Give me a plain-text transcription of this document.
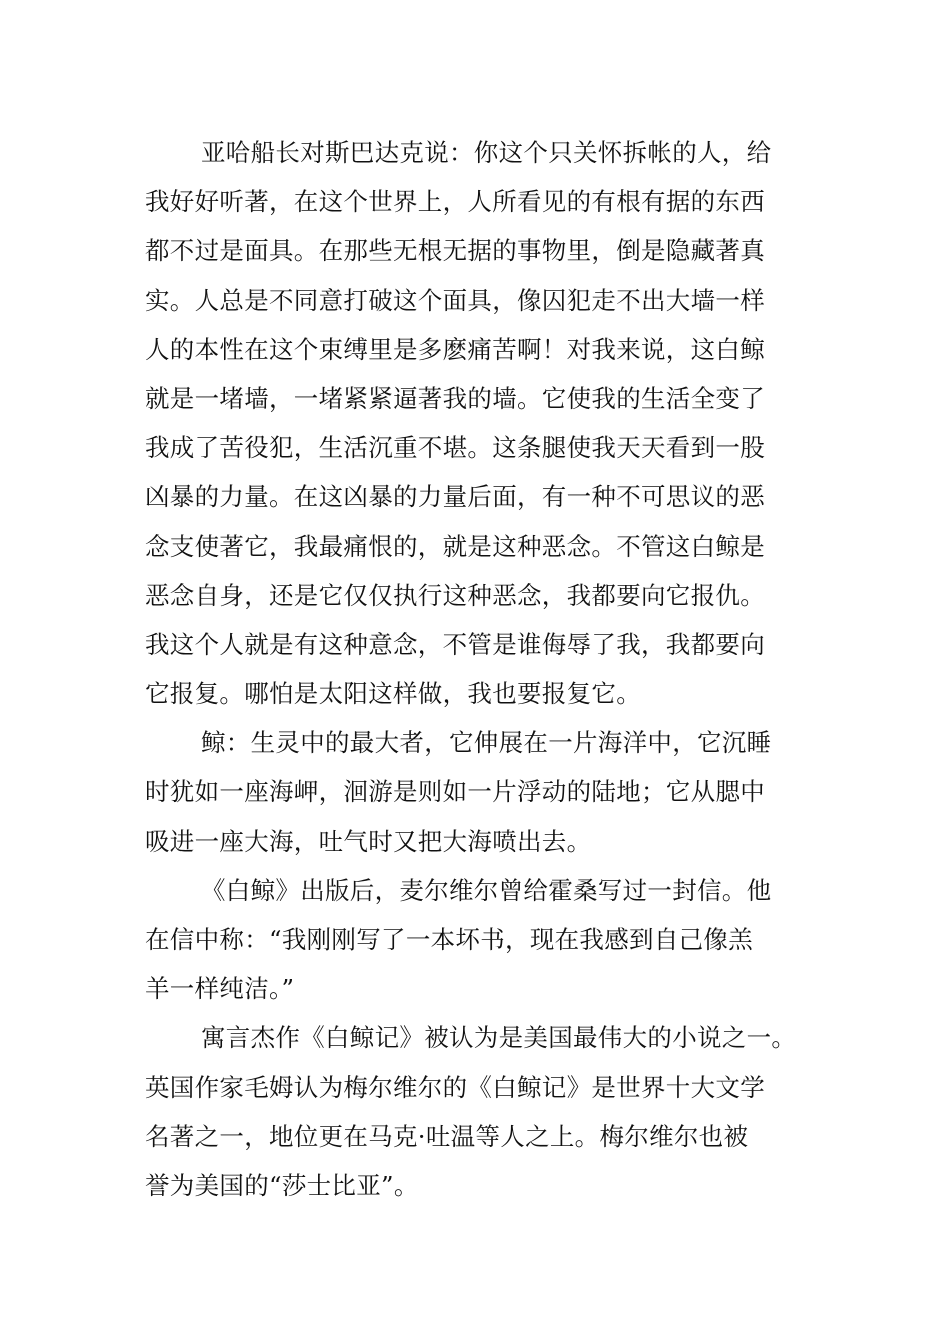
亚哈船长对斯巴达克说：你这个只关怀拆帐的人，给
我好好听著，在这个世界上，人所看见的有根有据的东西
都不过是面具。在那些无根无据的事物里，倒是隐藏著真
实。人总是不同意打破这个面具，像囚犯走不出大墙一样
人的本性在这个束缚里是多麽痛苦啊！对我来说，这白鲸
就是一堵墙，一堵紧紧逼著我的墙。它使我的生活全变了
我成了苦役犯，生活沉重不堪。这条腿使我天天看到一股
凶暴的力量。在这凶暴的力量后面，有一种不可思议的恶
念支使著它，我最痛恨的，就是这种恶念。不管这白鲸是
恶念自身，还是它仅仅执行这种恶念，我都要向它报仇。
我这个人就是有这种意念，不管是谁侮辱了我，我都要向
它报复。哪怕是太阳这样做，我也要报复它。
鲸：生灵中的最大者，它伸展在一片海洋中，它沉睡
时犹如一座海岬，洄游是则如一片浮动的陆地；它从腮中
吸进一座大海，吐气时又把大海喷出去。
《白鲸》出版后，麦尔维尔曾给霍桑写过一封信。他
在信中称：“我刚刚写了一本坏书，现在我感到自己像羔
羊一样纯洁。”
寓言杰作《白鲸记》被认为是美国最伟大的小说之一。
英国作家毛姆认为梅尔维尔的《白鲸记》是世界十大文学
名著之一，地位更在马克·吐温等人之上。梅尔维尔也被
誉为美国的“莎士比亚”。
